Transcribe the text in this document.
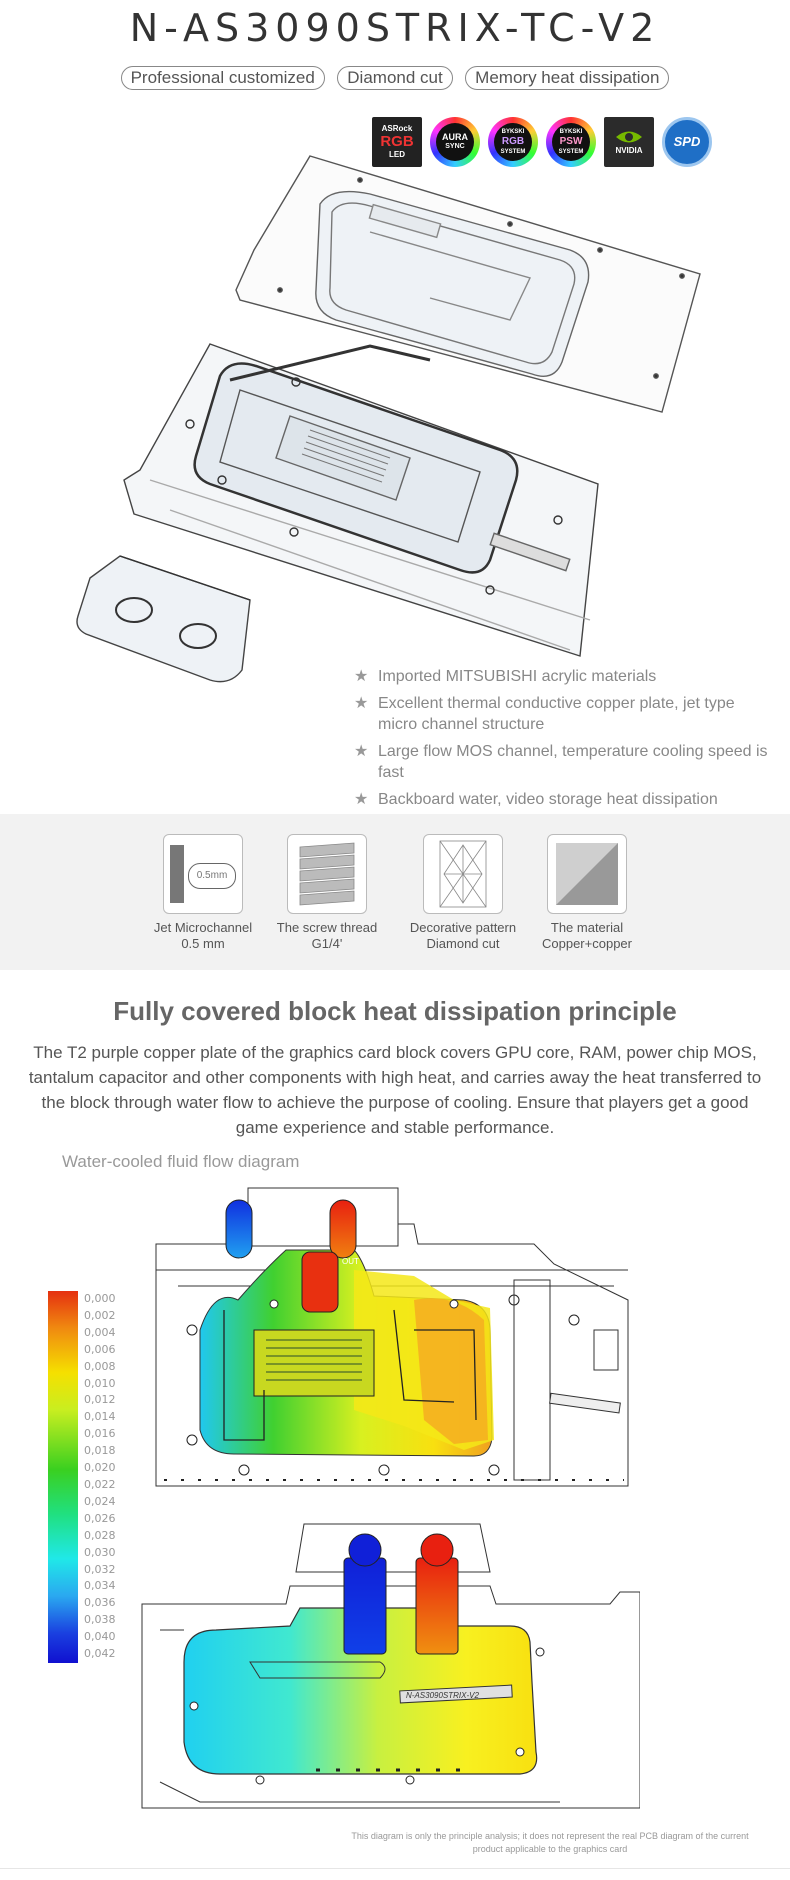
N-AS3090STRIX-TC-V2
Professional customized Diamond cut Memory heat dissipation
ASRock
RGB
LED
AURA
SYNC
BYKSKI
RGB
SYSTEM
BYKSKI
PSW
SYSTEM	NVIDIA
SPD
★ Imported MITSUBISHI acrylic materials
★ Excellent thermal conductive copper plate, jet type micro channel structure
★ Large flow MOS channel, temperature cooling speed is fast
★ Backboard water, video storage heat dissipation
0.5mm
Jet Microchannel
0.5 mm
The screw thread
G1/4'
Decorative pattern
Diamond cut
The material
Copper+copper
Fully covered block heat dissipation principle
The T2 purple copper plate of the graphics card block covers GPU core, RAM, power chip MOS, tantalum capacitor and other components with high heat, and carries away the heat transferred to the block through water flow to achieve the purpose of cooling. Ensure that players get a good game experience and stable performance.
Water-cooled fluid flow diagram
0,000
0,002
0,004
0,006
0,008
0,010
0,012
0,014
0,016
0,018
0,020
0,022
0,024
0,026
0,028
0,030
0,032
0,034
0,036
0,038
0,040
0,042
IN	OUT
N-AS3090STRIX-V2
This diagram is only the principle analysis; it does not represent the real PCB diagram of the current product applicable to the graphics card
